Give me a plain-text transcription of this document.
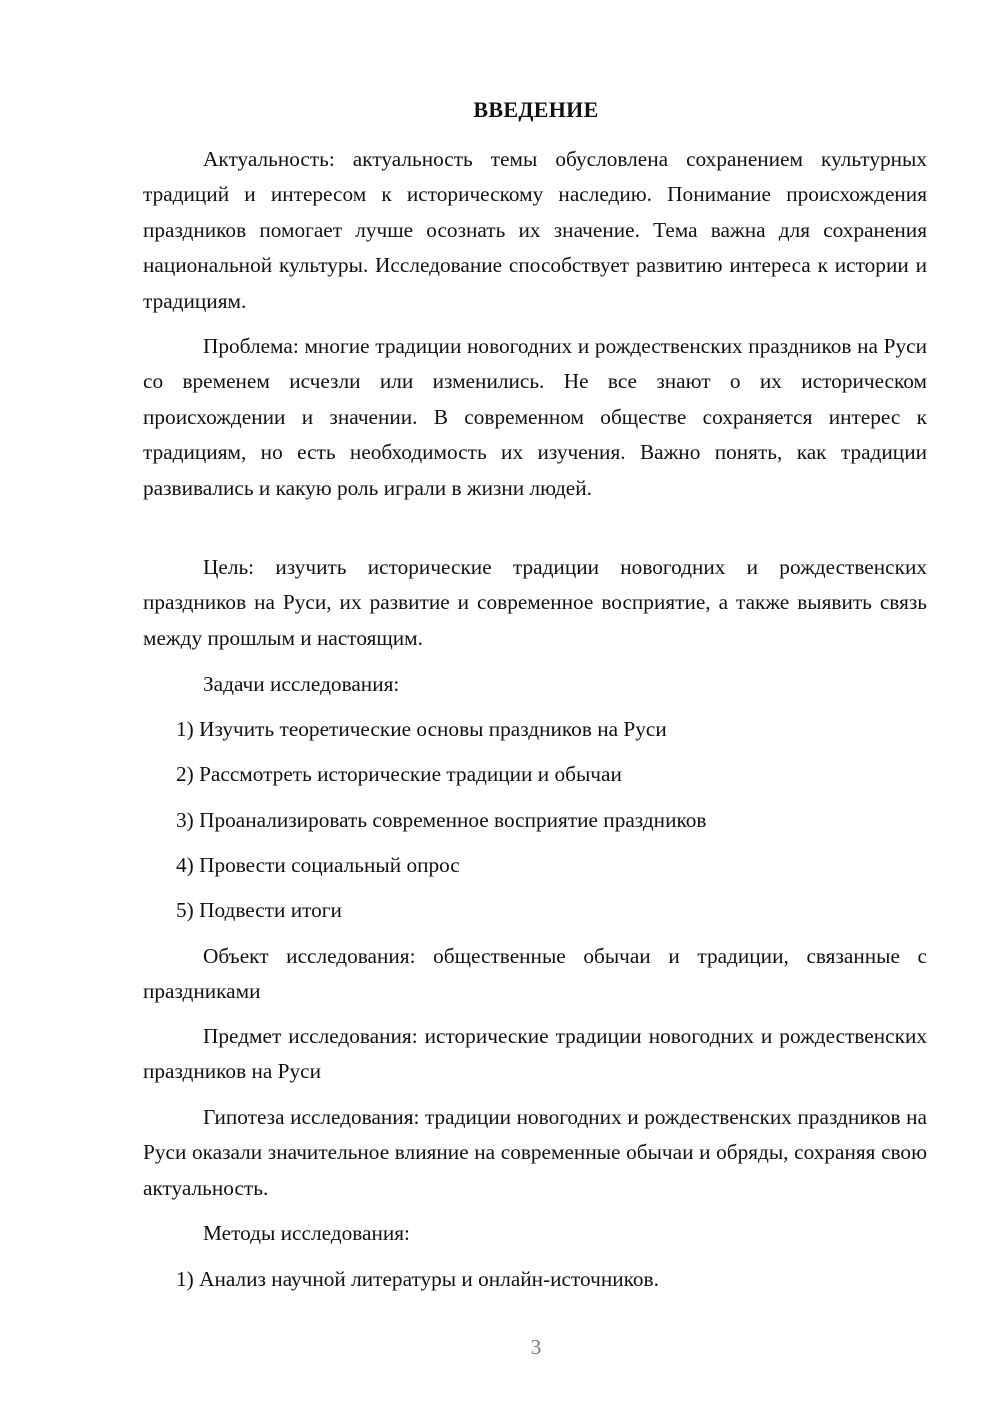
ВВЕДЕНИЕ

Актуальность: актуальность темы обусловлена сохранением культурных традиций и интересом к историческому наследию. Понимание происхождения праздников помогает лучше осознать их значение. Тема важна для сохранения национальной культуры. Исследование способствует развитию интереса к истории и традициям.

Проблема: многие традиции новогодних и рождественских праздников на Руси со временем исчезли или изменились. Не все знают о их историческом происхождении и значении. В современном обществе сохраняется интерес к традициям, но есть необходимость их изучения. Важно понять, как традиции развивались и какую роль играли в жизни людей.

Цель: изучить исторические традиции новогодних и рождественских праздников на Руси, их развитие и современное восприятие, а также выявить связь между прошлым и настоящим.

Задачи исследования:

1) Изучить теоретические основы праздников на Руси

2) Рассмотреть исторические традиции и обычаи

3) Проанализировать современное восприятие праздников

4) Провести социальный опрос

5) Подвести итоги

Объект исследования: общественные обычаи и традиции, связанные с праздниками

Предмет исследования: исторические традиции новогодних и рождественских праздников на Руси

Гипотеза исследования: традиции новогодних и рождественских праздников на Руси оказали значительное влияние на современные обычаи и обряды, сохраняя свою актуальность.

Методы исследования:

1) Анализ научной литературы и онлайн-источников.

3
